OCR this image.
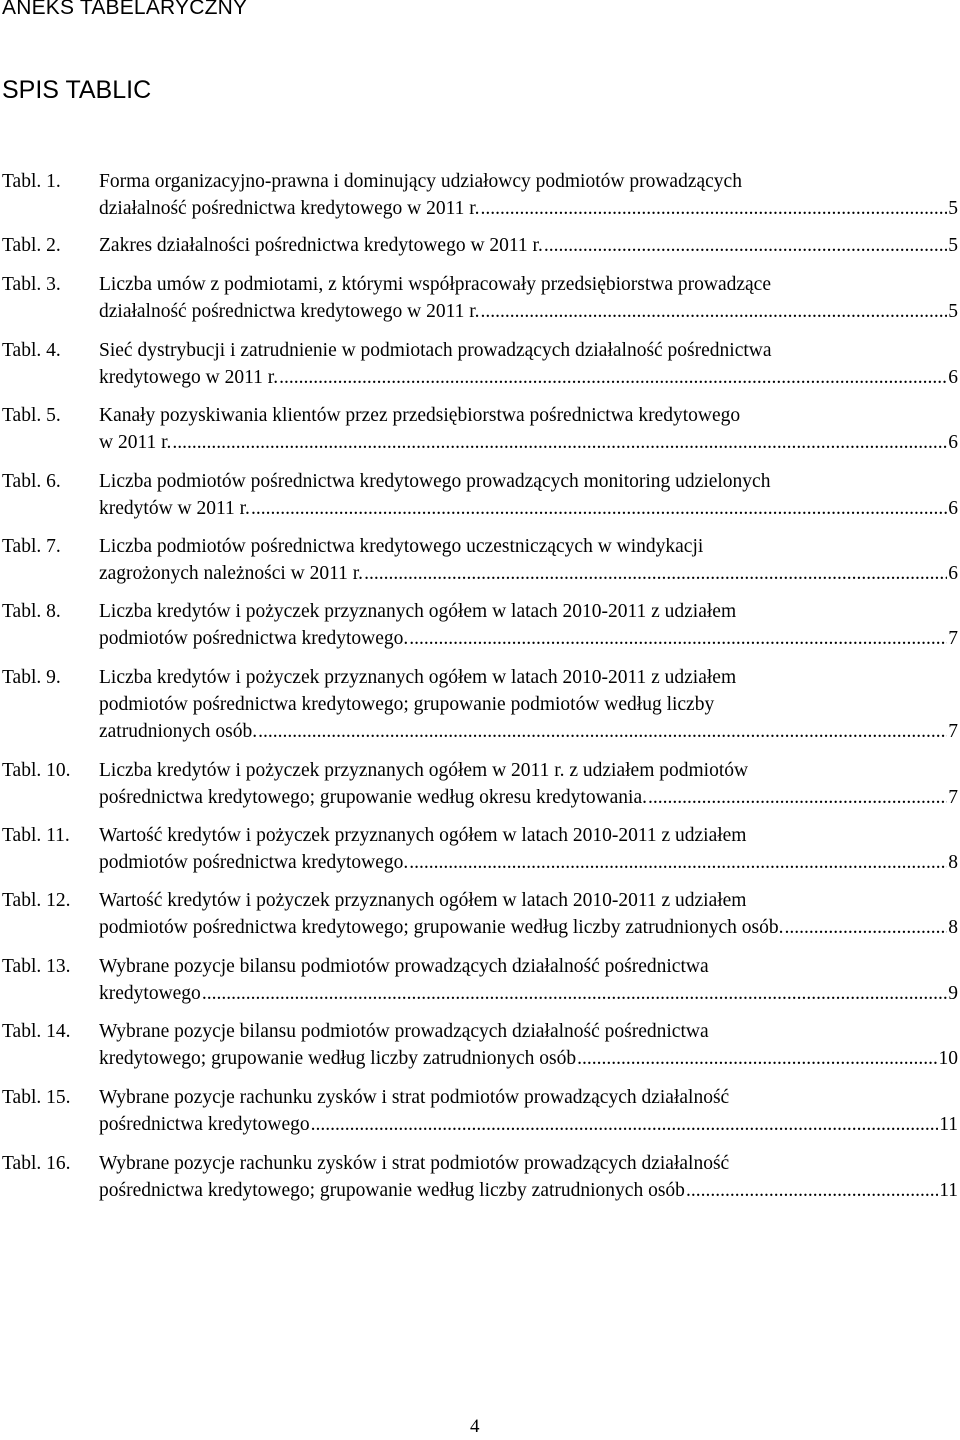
ANEKS TABELARYCZNY
SPIS TABLIC
Tabl. 1. Forma organizacyjno-prawna i dominujący udziałowcy podmiotów prowadzących
działalność pośrednictwa kredytowego w 2011 r. .....	5
Tabl. 2. Zakres działalności pośrednictwa kredytowego w 2011 r. .....	5
Tabl. 3. Liczba umów z podmiotami, z którymi współpracowały przedsiębiorstwa prowadzące
działalność pośrednictwa kredytowego w 2011 r. .....	5
Tabl. 4. Sieć dystrybucji i zatrudnienie w podmiotach prowadzących działalność pośrednictwa
kredytowego w 2011 r. .....	6
Tabl. 5. Kanały pozyskiwania klientów przez przedsiębiorstwa pośrednictwa kredytowego
w 2011 r. .....	6
Tabl. 6. Liczba podmiotów pośrednictwa kredytowego prowadzących monitoring udzielonych
kredytów w 2011 r. .....	6
Tabl. 7. Liczba podmiotów pośrednictwa kredytowego uczestniczących w windykacji
zagrożonych należności w 2011 r. .....	6
Tabl. 8. Liczba kredytów i pożyczek przyznanych ogółem w latach 2010-2011 z udziałem
podmiotów pośrednictwa kredytowego. .....	7
Tabl. 9. Liczba kredytów i pożyczek przyznanych ogółem w latach 2010-2011 z udziałem
podmiotów pośrednictwa kredytowego; grupowanie podmiotów według liczby
zatrudnionych osób. .....	7
Tabl. 10. Liczba kredytów i pożyczek przyznanych ogółem w 2011 r. z udziałem podmiotów
pośrednictwa kredytowego; grupowanie według okresu kredytowania. .....	7
Tabl. 11. Wartość kredytów i pożyczek przyznanych ogółem w latach 2010-2011 z udziałem
podmiotów pośrednictwa kredytowego. .....	8
Tabl. 12. Wartość kredytów i pożyczek przyznanych ogółem w latach 2010-2011 z udziałem
podmiotów pośrednictwa kredytowego; grupowanie według liczby zatrudnionych osób. .....	8
Tabl. 13. Wybrane pozycje bilansu podmiotów prowadzących działalność pośrednictwa
kredytowego .....	9
Tabl. 14. Wybrane pozycje bilansu podmiotów prowadzących działalność pośrednictwa
kredytowego; grupowanie według liczby zatrudnionych osób .....	10
Tabl. 15. Wybrane pozycje rachunku zysków i strat podmiotów prowadzących działalność
pośrednictwa kredytowego .....	11
Tabl. 16. Wybrane pozycje rachunku zysków i strat podmiotów prowadzących działalność
pośrednictwa kredytowego; grupowanie według liczby zatrudnionych osób .....	11
4
